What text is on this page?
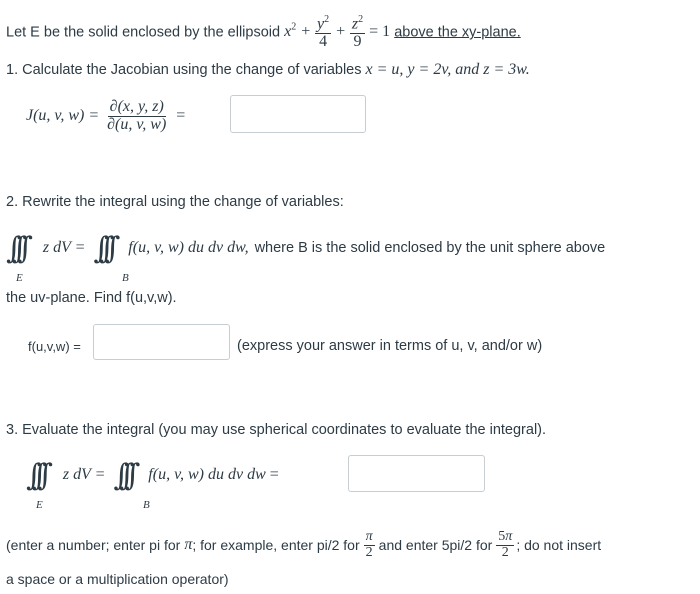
Let E be the solid enclosed by the ellipsoid $x^2 + \frac{y^2}{4} + \frac{z^2}{9} = 1$ above the xy-plane.
1. Calculate the Jacobian using the change of variables x = u, y = 2v, and z = 3w.
J(u, v, $w) = \frac{\partial(x, y, z)}{\partial(u, v, w)}$ =
2. Rewrite the integral using the change of variables:
∫∫∫ z dV = ∫∫∫ f(u, v, w) du dv dw, where B is the solid enclosed by the unit sphere above
E	B
the uv-plane. Find f(u,v,w).
f(u,v,w) =	(express your answer in terms of u, v, and/or w)
3. Evaluate the integral (you may use spherical coordinates to evaluate the integral).
∫∫∫ z dV = ∫∫∫ f(u, v, w) du dv dw =
E	B
(enter a number; enter pi for π ; for example, enter pi/2 for $\frac{\pi}{2}$ and enter 5pi/2 for $\frac{5\pi}{2}$ ; do not insert
a space or a multiplication operator)
